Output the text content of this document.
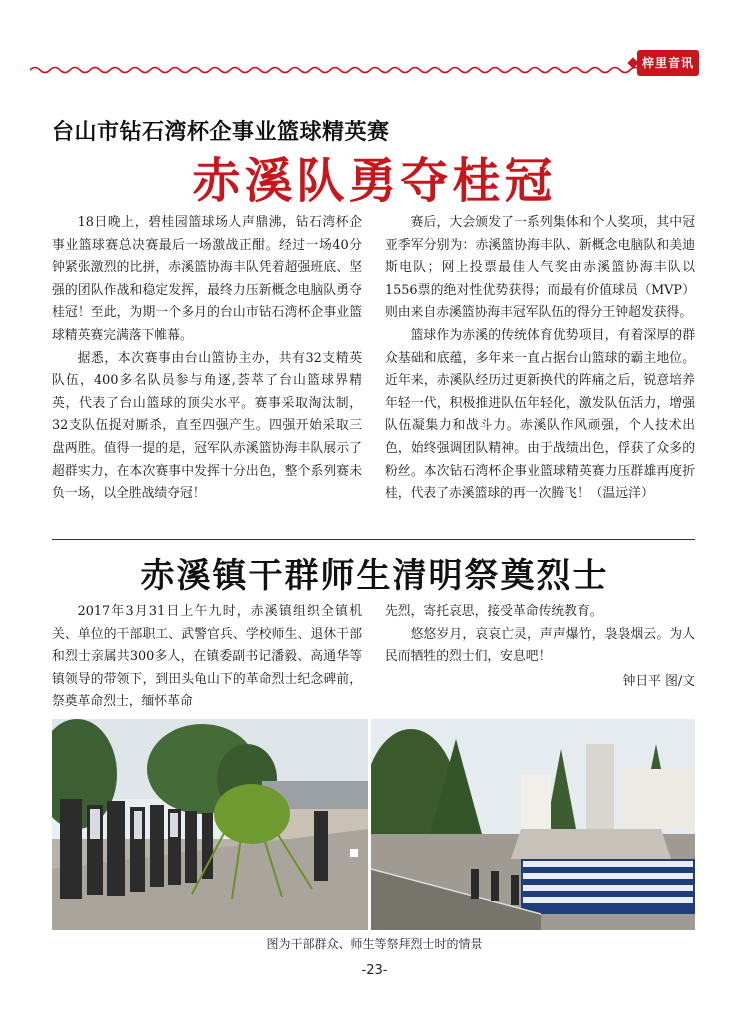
梓里音讯
台山市钻石湾杯企事业篮球精英赛
赤溪队勇夺桂冠

18日晚上，碧桂园篮球场人声鼎沸，钻石湾杯企事业篮球赛总决赛最后一场激战正酣。经过一场40分钟紧张激烈的比拼，赤溪篮协海丰队凭着超强班底、坚强的团队作战和稳定发挥，最终力压新概念电脑队勇夺桂冠！至此，为期一个多月的台山市钻石湾杯企事业篮球精英赛完满落下帷幕。

据悉，本次赛事由台山篮协主办，共有32支精英队伍，400多名队员参与角逐,荟萃了台山篮球界精英，代表了台山篮球的顶尖水平。赛事采取淘汰制，32支队伍捉对厮杀，直至四强产生。四强开始采取三盘两胜。值得一提的是，冠军队赤溪篮协海丰队展示了超群实力，在本次赛事中发挥十分出色，整个系列赛未负一场，以全胜战绩夺冠！

赛后，大会颁发了一系列集体和个人奖项，其中冠亚季军分别为：赤溪篮协海丰队、新概念电脑队和美迪斯电队；网上投票最佳人气奖由赤溪篮协海丰队以1556票的绝对性优势获得；而最有价值球员（MVP）则由来自赤溪篮协海丰冠军队伍的得分王钟超发获得。

篮球作为赤溪的传统体育优势项目，有着深厚的群众基础和底蕴，多年来一直占据台山篮球的霸主地位。近年来，赤溪队经历过更新换代的阵痛之后，锐意培养年轻一代，积极推进队伍年轻化，激发队伍活力，增强队伍凝集力和战斗力。赤溪队作风顽强，个人技术出色，始终强调团队精神。由于战绩出色，俘获了众多的粉丝。本次钻石湾杯企事业篮球精英赛力压群雄再度折桂，代表了赤溪篮球的再一次腾飞！（温远洋）

赤溪镇干群师生清明祭奠烈士

2017年3月31日上午九时，赤溪镇组织全镇机关、单位的干部职工、武警官兵、学校师生、退休干部和烈士亲属共300多人，在镇委副书记潘毅、高通华等镇领导的带领下，到田头龟山下的革命烈士纪念碑前，祭奠革命烈士，缅怀革命

先烈，寄托哀思，接受革命传统教育。

悠悠岁月，哀哀亡灵，声声爆竹，袅袅烟云。为人民而牺牲的烈士们，安息吧！

钟日平 图/文
图为干部群众、师生等祭拜烈士时的情景
-23-
